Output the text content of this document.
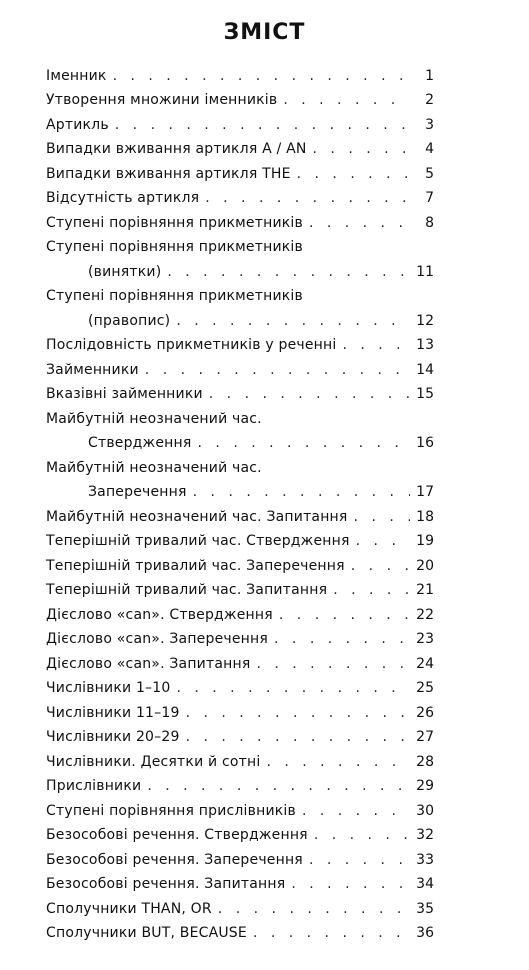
ЗМІСТ
Іменник . . .	1
Утворення множини іменників . . .	2
Артикль . . .	3
Випадки вживання артикля A / AN . . .	4
Випадки вживання артикля THE . . .	5
Відсутність артикля . . .	7
Ступені порівняння прикметників . . .	8
Ступені порівняння прикметників
(винятки) . . .	11
Ступені порівняння прикметників
(правопис) . . .	12
Послідовність прикметників у реченні . . .	13
Займенники . . .	14
Вказівні займенники . . .	15
Майбутній неозначений час.
Ствердження . . .	16
Майбутній неозначений час.
Заперечення . . .	17
Майбутній неозначений час. Запитання . . .	18
Теперішній тривалий час. Ствердження . . .	19
Теперішній тривалий час. Заперечення . . .	20
Теперішній тривалий час. Запитання . . .	21
Дієслово «can». Ствердження . . .	22
Дієслово «can». Заперечення . . .	23
Дієслово «can». Запитання . . .	24
Числівники 1–10 . . .	25
Числівники 11–19 . . .	26
Числівники 20–29 . . .	27
Числівники. Десятки й сотні . . .	28
Прислівники . . .	29
Ступені порівняння прислівників . . .	30
Безособові речення. Ствердження . . .	32
Безособові речення. Заперечення . . .	33
Безособові речення. Запитання . . .	34
Сполучники THAN, OR . . .	35
Сполучники BUT, BECAUSE . . .	36
